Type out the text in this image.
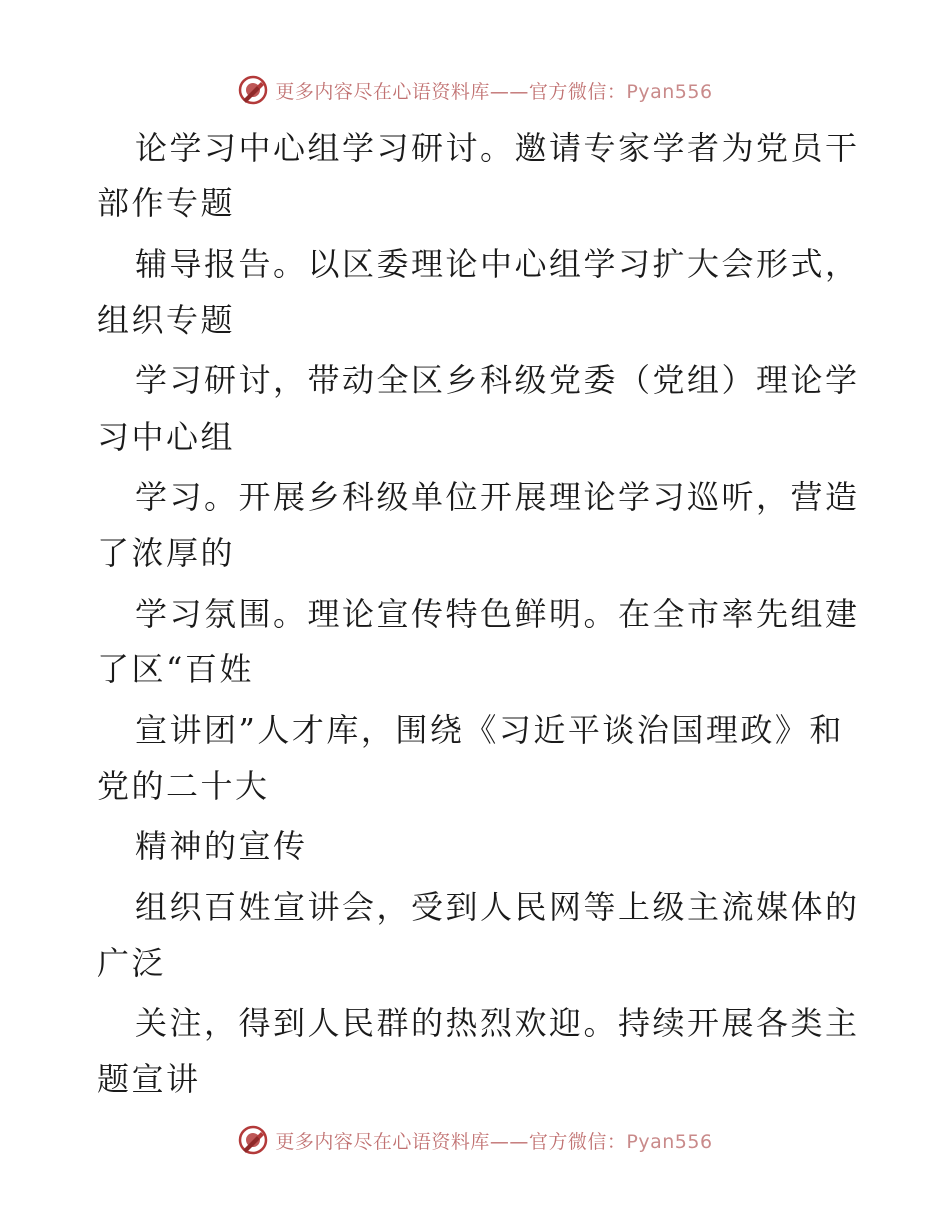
更多内容尽在心语资料库——官方微信：Pyan556
论学习中心组学习研讨。邀请专家学者为党员干
部作专题
辅导报告。以区委理论中心组学习扩大会形式，
组织专题
学习研讨，带动全区乡科级党委（党组）理论学
习中心组
学习。开展乡科级单位开展理论学习巡听，营造
了浓厚的
学习氛围。理论宣传特色鲜明。在全市率先组建
了区“百姓
宣讲团”人才库，围绕《习近平谈治国理政》和
党的二十大
精神的宣传
组织百姓宣讲会，受到人民网等上级主流媒体的
广泛
关注，得到人民群的热烈欢迎。持续开展各类主
题宣讲
更多内容尽在心语资料库——官方微信：Pyan556
